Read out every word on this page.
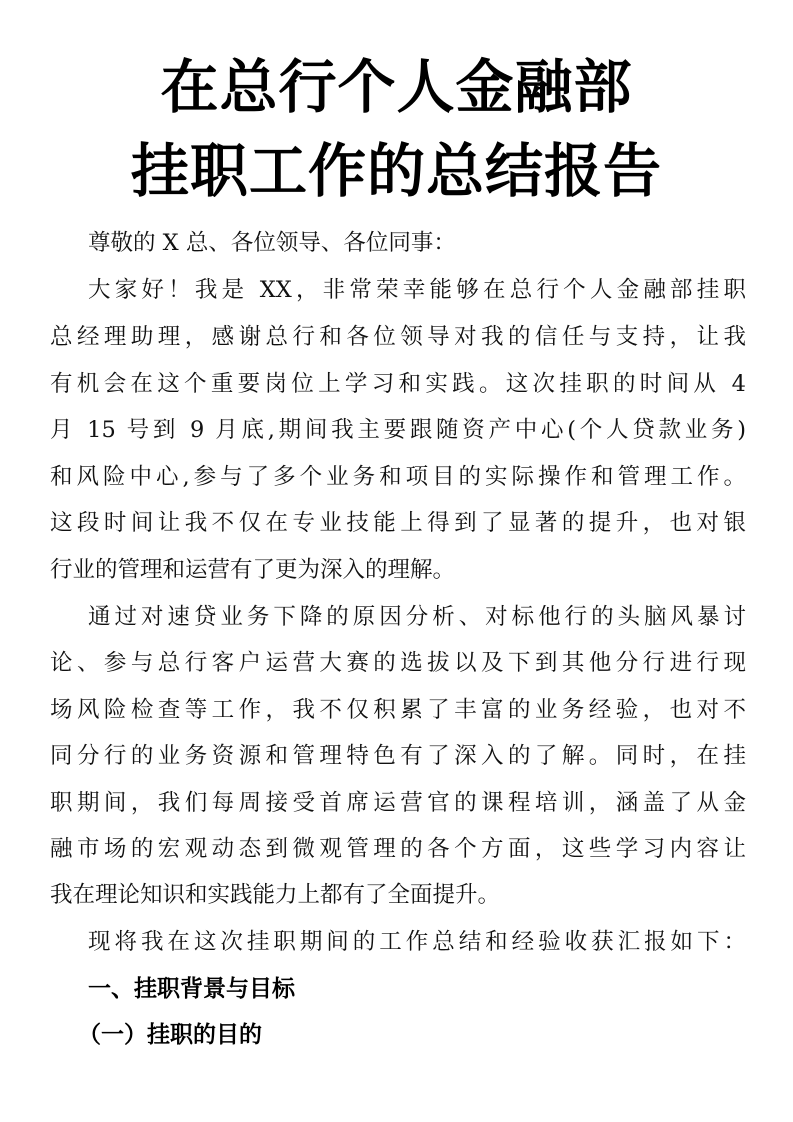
在总行个人金融部
挂职工作的总结报告
尊敬的 X 总、各位领导、各位同事：
大家好！我是 XX，非常荣幸能够在总行个人金融部挂职
总经理助理，感谢总行和各位领导对我的信任与支持，让我
有机会在这个重要岗位上学习和实践。这次挂职的时间从 4
月 15 号到 9 月底,期间我主要跟随资产中心(个人贷款业务)
和风险中心,参与了多个业务和项目的实际操作和管理工作。
这段时间让我不仅在专业技能上得到了显著的提升，也对银
行业的管理和运营有了更为深入的理解。
通过对速贷业务下降的原因分析、对标他行的头脑风暴讨
论、参与总行客户运营大赛的选拔以及下到其他分行进行现
场风险检查等工作，我不仅积累了丰富的业务经验，也对不
同分行的业务资源和管理特色有了深入的了解。同时，在挂
职期间，我们每周接受首席运营官的课程培训，涵盖了从金
融市场的宏观动态到微观管理的各个方面，这些学习内容让
我在理论知识和实践能力上都有了全面提升。
现将我在这次挂职期间的工作总结和经验收获汇报如下：
一、挂职背景与目标
（一）挂职的目的
